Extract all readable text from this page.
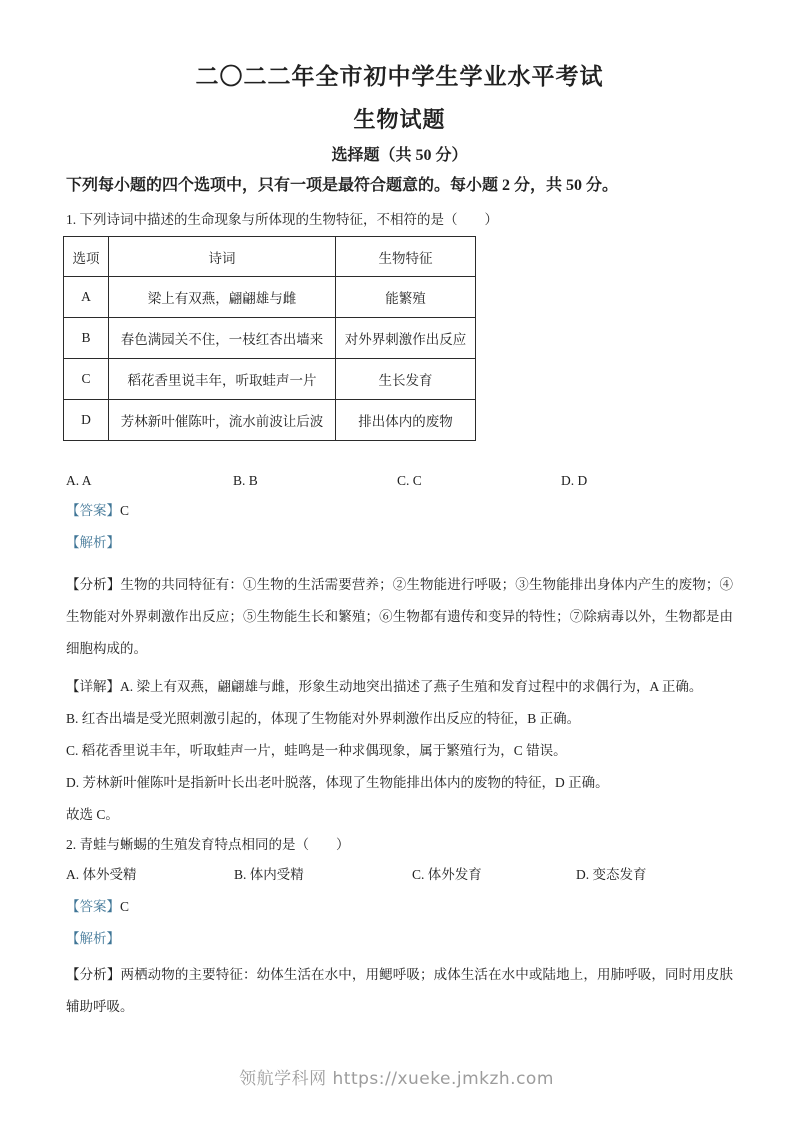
二〇二二年全市初中学生学业水平考试
生物试题
选择题（共 50 分）

下列每小题的四个选项中，只有一项是最符合题意的。每小题 2 分，共 50 分。

1. 下列诗词中描述的生命现象与所体现的生物特征，不相符的是（　　）

选项	诗词	生物特征
A	梁上有双燕，翩翩雄与雌	能繁殖
B	春色满园关不住，一枝红杏出墙来	对外界刺激作出反应
C	稻花香里说丰年，听取蛙声一片	生长发育
D	芳林新叶催陈叶，流水前波让后波	排出体内的废物
A. A	B. B	C. C	D. D

【答案】C

【解析】

【分析】生物的共同特征有：①生物的生活需要营养；②生物能进行呼吸；③生物能排出身体内产生的废物；④生物能对外界刺激作出反应；⑤生物能生长和繁殖；⑥生物都有遗传和变异的特性；⑦除病毒以外，生物都是由细胞构成的。

【详解】A. 梁上有双燕，翩翩雄与雌，形象生动地突出描述了燕子生殖和发育过程中的求偶行为，A 正确。

B. 红杏出墙是受光照刺激引起的，体现了生物能对外界刺激作出反应的特征，B 正确。

C. 稻花香里说丰年，听取蛙声一片，蛙鸣是一种求偶现象，属于繁殖行为，C 错误。

D. 芳林新叶催陈叶是指新叶长出老叶脱落，体现了生物能排出体内的废物的特征，D 正确。

故选 C。

2. 青蛙与蜥蜴的生殖发育特点相同的是（　　）

A. 体外受精	B. 体内受精	C. 体外发育	D. 变态发育

【答案】C

【解析】

【分析】两栖动物的主要特征：幼体生活在水中，用鳃呼吸；成体生活在水中或陆地上，用肺呼吸，同时用皮肤辅助呼吸。

领航学科网 https://xueke.jmkzh.com
